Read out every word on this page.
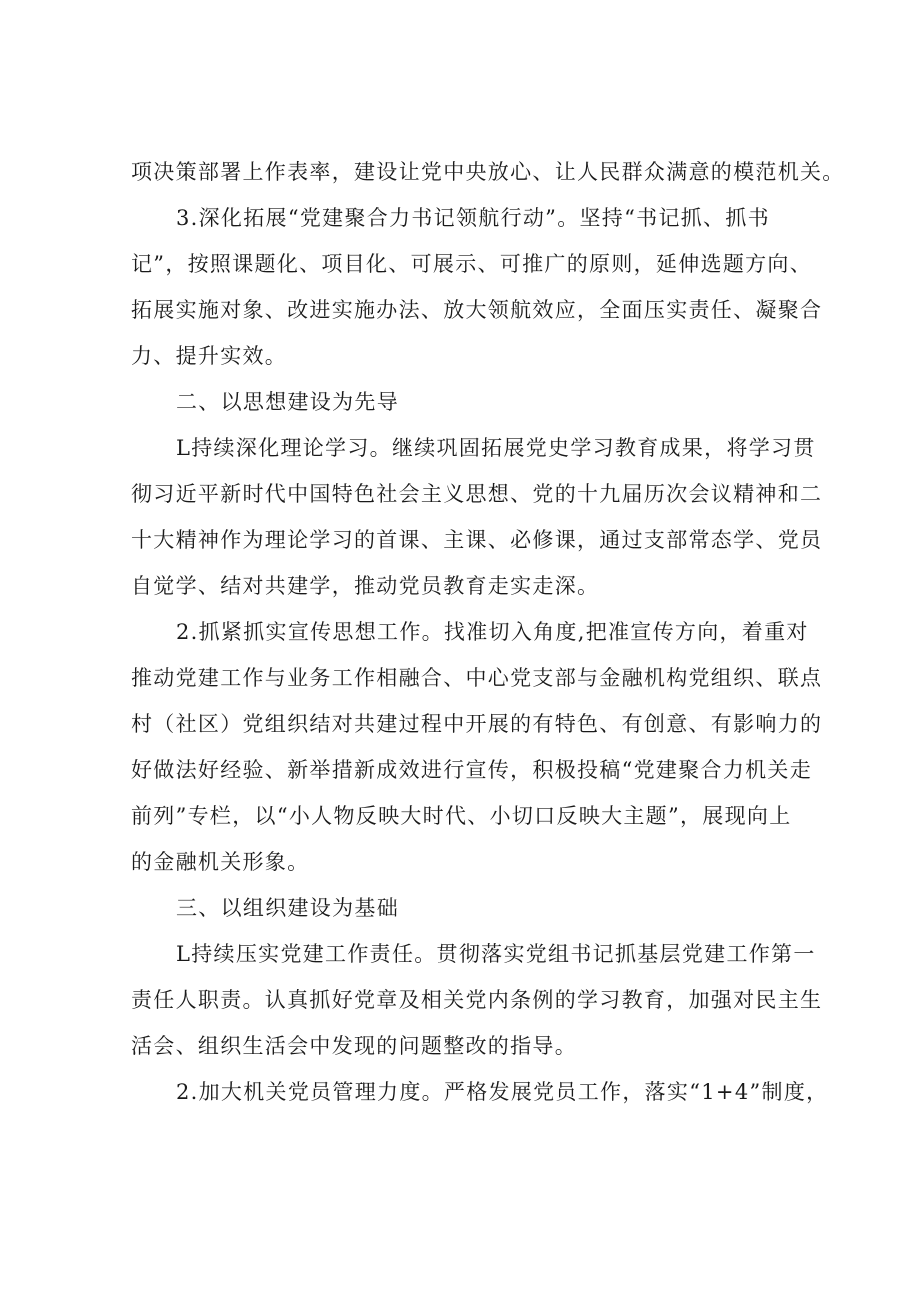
项决策部署上作表率，建设让党中央放心、让人民群众满意的模范机关。
3.深化拓展“党建聚合力书记领航行动”。坚持“书记抓、抓书
记”，按照课题化、项目化、可展示、可推广的原则，延伸选题方向、
拓展实施对象、改进实施办法、放大领航效应，全面压实责任、凝聚合
力、提升实效。
二、以思想建设为先导
L持续深化理论学习。继续巩固拓展党史学习教育成果，将学习贯
彻习近平新时代中国特色社会主义思想、党的十九届历次会议精神和二
十大精神作为理论学习的首课、主课、必修课，通过支部常态学、党员
自觉学、结对共建学，推动党员教育走实走深。
2.抓紧抓实宣传思想工作。找准切入角度,把准宣传方向，着重对
推动党建工作与业务工作相融合、中心党支部与金融机构党组织、联点
村（社区）党组织结对共建过程中开展的有特色、有创意、有影响力的
好做法好经验、新举措新成效进行宣传，积极投稿“党建聚合力机关走
前列”专栏，以“小人物反映大时代、小切口反映大主题”，展现向上
的金融机关形象。
三、以组织建设为基础
L持续压实党建工作责任。贯彻落实党组书记抓基层党建工作第一
责任人职责。认真抓好党章及相关党内条例的学习教育，加强对民主生
活会、组织生活会中发现的问题整改的指导。
2.加大机关党员管理力度。严格发展党员工作，落实“1+4”制度，
